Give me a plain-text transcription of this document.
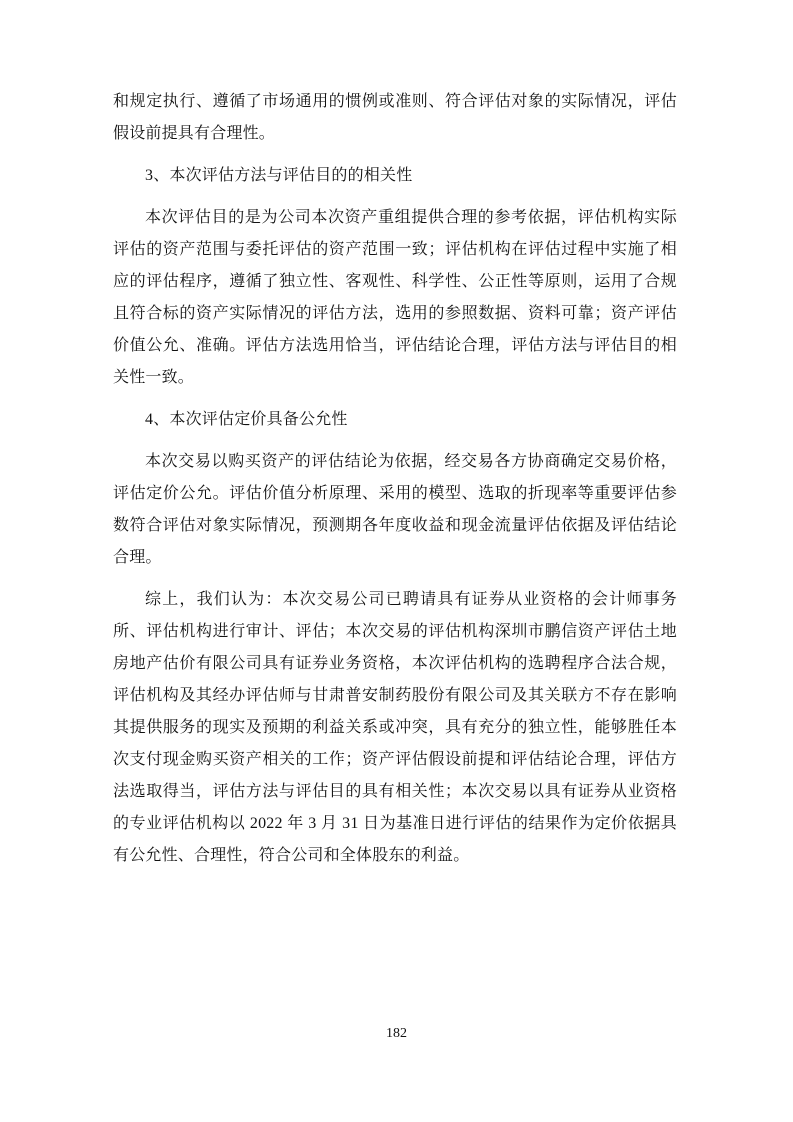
和规定执行、遵循了市场通用的惯例或准则、符合评估对象的实际情况，评估假设前提具有合理性。

3、本次评估方法与评估目的的相关性

本次评估目的是为公司本次资产重组提供合理的参考依据，评估机构实际评估的资产范围与委托评估的资产范围一致；评估机构在评估过程中实施了相应的评估程序，遵循了独立性、客观性、科学性、公正性等原则，运用了合规且符合标的资产实际情况的评估方法，选用的参照数据、资料可靠；资产评估价值公允、准确。评估方法选用恰当，评估结论合理，评估方法与评估目的相关性一致。

4、本次评估定价具备公允性

本次交易以购买资产的评估结论为依据，经交易各方协商确定交易价格，评估定价公允。评估价值分析原理、采用的模型、选取的折现率等重要评估参数符合评估对象实际情况，预测期各年度收益和现金流量评估依据及评估结论合理。

综上，我们认为：本次交易公司已聘请具有证券从业资格的会计师事务所、评估机构进行审计、评估；本次交易的评估机构深圳市鹏信资产评估土地房地产估价有限公司具有证券业务资格，本次评估机构的选聘程序合法合规，评估机构及其经办评估师与甘肃普安制药股份有限公司及其关联方不存在影响其提供服务的现实及预期的利益关系或冲突，具有充分的独立性，能够胜任本次支付现金购买资产相关的工作；资产评估假设前提和评估结论合理，评估方法选取得当，评估方法与评估目的具有相关性；本次交易以具有证券从业资格的专业评估机构以 2022 年 3 月 31 日为基准日进行评估的结果作为定价依据具有公允性、合理性，符合公司和全体股东的利益。

182
